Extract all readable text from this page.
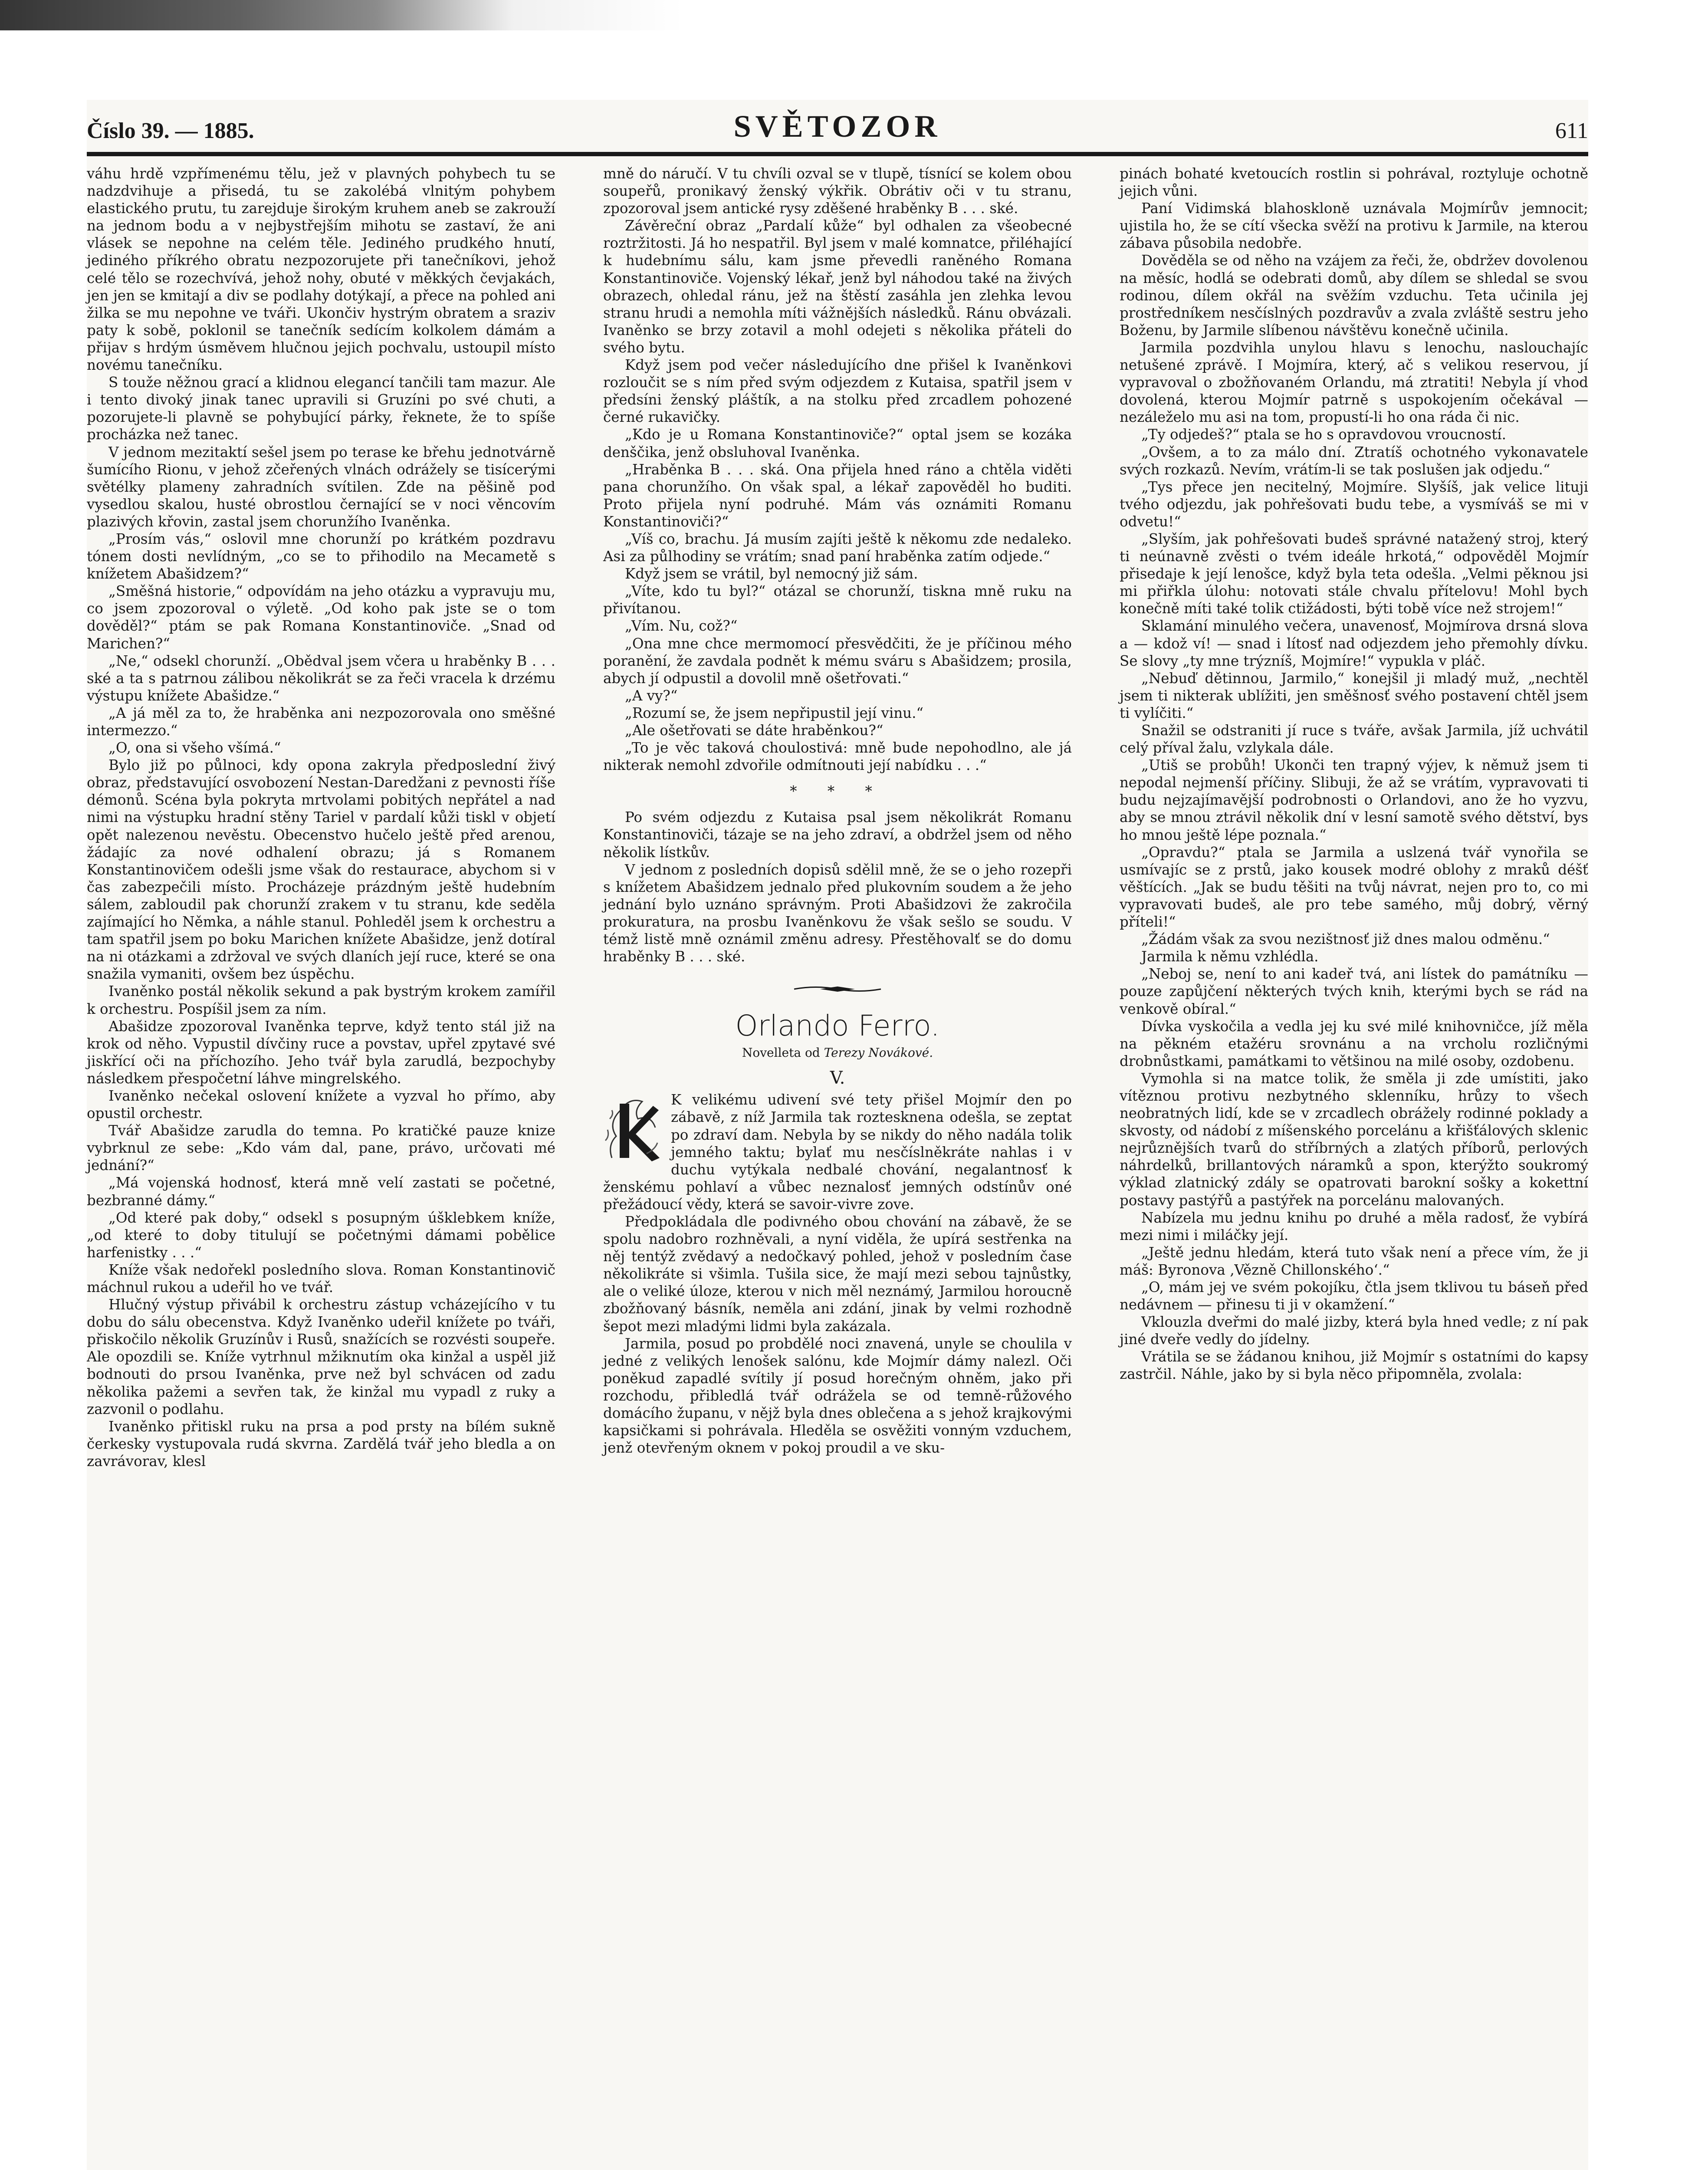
Číslo 39. — 1885.	SVĚTOZOR	611

váhu hrdě vzpřímenému tělu, jež v plavných pohybech tu se nadzdvihuje a přisedá, tu se zakolébá vlnitým pohybem elastického prutu, tu zarejduje širokým kruhem aneb se zakrouží na jednom bodu a v nejbystřejším mihotu se zastaví, že ani vlásek se nepohne na celém těle. Jediného prudkého hnutí, jediného příkrého obratu nezpozorujete při tanečníkovi, jehož celé tělo se rozechvívá, jehož nohy, obuté v měkkých čevjakách, jen jen se kmitají a div se podlahy dotýkají, a přece na pohled ani žilka se mu nepohne ve tváři. Ukončiv hystrým obratem a sraziv paty k sobě, poklonil se tanečník sedícím kolkolem dámám a přijav s hrdým úsměvem hlučnou jejich pochvalu, ustoupil místo novému tanečníku.

S touže něžnou grací a klidnou elegancí tančili tam mazur. Ale i tento divoký jinak tanec upravili si Gruzíni po své chuti, a pozorujete-li plavně se pohybující párky, řeknete, že to spíše procházka než tanec.

V jednom mezitaktí sešel jsem po terase ke břehu jednotvárně šumícího Rionu, v jehož zčeřených vlnách odrážely se tisícerými světélky plameny zahradních svítilen. Zde na pěšině pod vysedlou skalou, husté obrostlou černající se v noci věncovím plazivých křovin, zastal jsem chorunžího Ivaněnka.

„Prosím vás,“ oslovil mne chorunží po krátkém pozdravu tónem dosti nevlídným, „co se to přihodilo na Mecametě s knížetem Abašidzem?“

„Směšná historie,“ odpovídám na jeho otázku a vypravuju mu, co jsem zpozoroval o výletě. „Od koho pak jste se o tom dověděl?“ ptám se pak Romana Konstantinoviče. „Snad od Marichen?“

„Ne,“ odsekl chorunží. „Obědval jsem včera u hraběnky B . . . ské a ta s patrnou zálibou několikrát se za řeči vracela k drzému výstupu knížete Abašidze.“

„A já měl za to, že hraběnka ani nezpozorovala ono směšné intermezzo.“

„O, ona si všeho všímá.“

Bylo již po půlnoci, kdy opona zakryla předposlední živý obraz, představující osvobození Nestan-Daredžani z pevnosti říše démonů. Scéna byla pokryta mrtvolami pobitých nepřátel a nad nimi na výstupku hradní stěny Tariel v pardalí kůži tiskl v objetí opět nalezenou nevěstu. Obecenstvo hučelo ještě před arenou, žádajíc za nové odhalení obrazu; já s Romanem Konstantinovičem odešli jsme však do restaurace, abychom si v čas zabezpečili místo. Procházeje prázdným ještě hudebním sálem, zabloudil pak chorunží zrakem v tu stranu, kde seděla zajímající ho Němka, a náhle stanul. Pohleděl jsem k orchestru a tam spatřil jsem po boku Marichen knížete Abašidze, jenž dotíral na ni otázkami a zdržoval ve svých dlaních její ruce, které se ona snažila vymaniti, ovšem bez úspěchu.

Ivaněnko postál několik sekund a pak bystrým krokem zamířil k orchestru. Pospíšil jsem za ním.

Abašidze zpozoroval Ivaněnka teprve, když tento stál již na krok od něho. Vypustil dívčiny ruce a povstav, upřel zpytavé své jiskřící oči na příchozího. Jeho tvář byla zarudlá, bezpochyby následkem přespočetní láhve mingrelského.

Ivaněnko nečekal oslovení knížete a vyzval ho přímo, aby opustil orchestr.

Tvář Abašidze zarudla do temna. Po kratičké pauze knize vybrknul ze sebe: „Kdo vám dal, pane, právo, určovati mé jednání?“

„Má vojenská hodnosť, která mně velí zastati se početné, bezbranné dámy.“

„Od které pak doby,“ odsekl s posupným úšklebkem kníže, „od které to doby titulují se početnými dámami pobělice harfenistky . . .“

Kníže však nedořekl posledního slova. Roman Konstantinovič máchnul rukou a udeřil ho ve tvář.

Hlučný výstup přivábil k orchestru zástup vcházejícího v tu dobu do sálu obecenstva. Když Ivaněnko udeřil knížete po tváři, přiskočilo několik Gruzínův i Rusů, snažících se rozvésti soupeře. Ale opozdili se. Kníže vytrhnul mžiknutím oka kinžal a uspěl již bodnouti do prsou Ivaněnka, prve než byl schvácen od zadu několika pažemi a sevřen tak, že kinžal mu vypadl z ruky a zazvonil o podlahu.

Ivaněnko přitiskl ruku na prsa a pod prsty na bílém sukně čerkesky vystupovala rudá skvrna. Zardělá tvář jeho bledla a on zavrávorav, klesl

mně do náručí. V tu chvíli ozval se v tlupě, tísnící se kolem obou soupeřů, pronikavý ženský výkřik. Obrátiv oči v tu stranu, zpozoroval jsem antické rysy zděšené hraběnky B . . . ské.

Závěreční obraz „Pardalí kůže“ byl odhalen za všeobecné roztržitosti. Já ho nespatřil. Byl jsem v malé komnatce, přiléhající k hudebnímu sálu, kam jsme převedli raněného Romana Konstantinoviče. Vojenský lékař, jenž byl náhodou také na živých obrazech, ohledal ránu, jež na štěstí zasáhla jen zlehka levou stranu hrudi a nemohla míti vážnějších následků. Ránu obvázali. Ivaněnko se brzy zotavil a mohl odejeti s několika přáteli do svého bytu.

Když jsem pod večer následujícího dne přišel k Ivaněnkovi rozloučit se s ním před svým odjezdem z Kutaisa, spatřil jsem v předsíni ženský pláštík, a na stolku před zrcadlem pohozené černé rukavičky.

„Kdo je u Romana Konstantinoviče?“ optal jsem se kozáka denščika, jenž obsluhoval Ivaněnka.

„Hraběnka B . . . ská. Ona přijela hned ráno a chtěla viděti pana chorunžího. On však spal, a lékař zapověděl ho buditi. Proto přijela nyní podruhé. Mám vás oznámiti Romanu Konstantinoviči?“

„Víš co, brachu. Já musím zajíti ještě k někomu zde nedaleko. Asi za půlhodiny se vrátím; snad paní hraběnka zatím odjede.“

Když jsem se vrátil, byl nemocný již sám.

„Víte, kdo tu byl?“ otázal se chorunží, tiskna mně ruku na přivítanou.

„Vím. Nu, což?“

„Ona mne chce mermomocí přesvědčiti, že je příčinou mého poranění, že zavdala podnět k mému sváru s Abašidzem; prosila, abych jí odpustil a dovolil mně ošetřovati.“

„A vy?“

„Rozumí se, že jsem nepřipustil její vinu.“

„Ale ošetřovati se dáte hraběnkou?“

„To je věc taková choulostivá: mně bude nepohodlno, ale já nikterak nemohl zdvořile odmítnouti její nabídku . . .“

* * *

Po svém odjezdu z Kutaisa psal jsem několikrát Romanu Konstantinoviči, tázaje se na jeho zdraví, a obdržel jsem od něho několik lístkův.

V jednom z posledních dopisů sdělil mně, že se o jeho rozepři s knížetem Abašidzem jednalo před plukovním soudem a že jeho jednání bylo uznáno správným. Proti Abašidzovi že zakročila prokuratura, na prosbu Ivaněnkovu že však sešlo se soudu. V témž listě mně oznámil změnu adresy. Přestěhovalť se do domu hraběnky B . . . ské.

Orlando Ferro.
Novelleta od Terezy Novákové.
V.

K velikému udivení své tety přišel Mojmír den po zábavě, z níž Jarmila tak roztesknena odešla, se zeptat po zdraví dam. Nebyla by se nikdy do něho nadála tolik jemného taktu; bylať mu nesčíslněkráte nahlas i v duchu vytýkala nedbalé chování, negalantnosť k ženskému pohlaví a vůbec neznalosť jemných odstínův oné přežádoucí vědy, která se savoir-vivre zove.

Předpokládala dle podivného obou chování na zábavě, že se spolu nadobro rozhněvali, a nyní viděla, že upírá sestřenka na něj tentýž zvědavý a nedočkavý pohled, jehož v posledním čase několikráte si všimla. Tušila sice, že mají mezi sebou tajnůstky, ale o veliké úloze, kterou v nich měl neznámý, Jarmilou horoucně zbožňovaný básník, neměla ani zdání, jinak by velmi rozhodně šepot mezi mladými lidmi byla zakázala.

Jarmila, posud po probdělé noci znavená, unyle se choulila v jedné z velikých lenošek salónu, kde Mojmír dámy nalezl. Oči poněkud zapadlé svítily jí posud horečným ohněm, jako při rozchodu, přibledlá tvář odrážela se od temně-růžového domácího županu, v nějž byla dnes oblečena a s jehož krajkovými kapsičkami si pohrávala. Hleděla se osvěžiti vonným vzduchem, jenž otevřeným oknem v pokoj proudil a ve sku-

pinách bohaté kvetoucích rostlin si pohrával, roztyluje ochotně jejich vůni.

Paní Vidimská blahoskloně uznávala Mojmírův jemnocit; ujistila ho, že se cítí všecka svěží na protivu k Jarmile, na kterou zábava působila nedobře.

Dověděla se od něho na vzájem za řeči, že, obdržev dovolenou na měsíc, hodlá se odebrati domů, aby dílem se shledal se svou rodinou, dílem okřál na svěžím vzduchu. Teta učinila jej prostředníkem nesčíslných pozdravův a zvala zvláště sestru jeho Boženu, by Jarmile slíbenou návštěvu konečně učinila.

Jarmila pozdvihla unylou hlavu s lenochu, naslouchajíc netušené zprávě. I Mojmíra, který, ač s velikou reservou, jí vypravoval o zbožňovaném Orlandu, má ztratiti! Nebyla jí vhod dovolená, kterou Mojmír patrně s uspokojením očekával — nezáleželo mu asi na tom, propustí-li ho ona ráda či nic.

„Ty odjedeš?“ ptala se ho s opravdovou vroucností.

„Ovšem, a to za málo dní. Ztratíš ochotného vykonavatele svých rozkazů. Nevím, vrátím-li se tak poslušen jak odjedu.“

„Tys přece jen necitelný, Mojmíre. Slyšíš, jak velice lituji tvého odjezdu, jak pohřešovati budu tebe, a vysmíváš se mi v odvetu!“

„Slyším, jak pohřešovati budeš správné natažený stroj, který ti neúnavně zvěsti o tvém ideále hrkotá,“ odpověděl Mojmír přisedaje k její lenošce, když byla teta odešla. „Velmi pěknou jsi mi přiřkla úlohu: notovati stále chvalu přítelovu! Mohl bych konečně míti také tolik ctižádosti, býti tobě více než strojem!“

Sklamání minulého večera, unavenosť, Mojmírova drsná slova a — kdož ví! — snad i lítosť nad odjezdem jeho přemohly dívku. Se slovy „ty mne trýzníš, Mojmíre!“ vypukla v pláč.

„Nebuď dětinnou, Jarmilo,“ konejšil ji mladý muž, „nechtěl jsem ti nikterak ublížiti, jen směšnosť svého postavení chtěl jsem ti vylíčiti.“

Snažil se odstraniti jí ruce s tváře, avšak Jarmila, jíž uchvátil celý příval žalu, vzlykala dále.

„Utiš se probůh! Ukonči ten trapný výjev, k němuž jsem ti nepodal nejmenší příčiny. Slibuji, že až se vrátím, vypravovati ti budu nejzajímavější podrobnosti o Orlandovi, ano že ho vyzvu, aby se mnou ztrávil několik dní v lesní samotě svého dětství, bys ho mnou ještě lépe poznala.“

„Opravdu?“ ptala se Jarmila a uslzená tvář vynořila se usmívajíc se z prstů, jako kousek modré oblohy z mraků déšť věštících. „Jak se budu těšiti na tvůj návrat, nejen pro to, co mi vypravovati budeš, ale pro tebe samého, můj dobrý, věrný příteli!“

„Žádám však za svou nezištnosť již dnes malou odměnu.“

Jarmila k němu vzhlédla.

„Neboj se, není to ani kadeř tvá, ani lístek do památníku — pouze zapůjčení některých tvých knih, kterými bych se rád na venkově obíral.“

Dívka vyskočila a vedla jej ku své milé knihovničce, jíž měla na pěkném etažéru srovnánu a na vrcholu rozličnými drobnůstkami, památkami to většinou na milé osoby, ozdobenu.

Vymohla si na matce tolik, že směla ji zde umístiti, jako vítěznou protivu nezbytného sklenníku, hrůzy to všech neobratných lidí, kde se v zrcadlech obrážely rodinné poklady a skvosty, od nádobí z míšenského porcelánu a křišťálových sklenic nejrůznějších tvarů do stříbrných a zlatých příborů, perlových náhrdelků, brillantových náramků a spon, kterýžto soukromý výklad zlatnický zdály se opatrovati barokní sošky a kokettní postavy pastýřů a pastýřek na porcelánu malovaných.

Nabízela mu jednu knihu po druhé a měla radosť, že vybírá mezi nimi i miláčky její.

„Ještě jednu hledám, která tuto však není a přece vím, že ji máš: Byronova ‚Vězně Chillonského‘.“

„O, mám jej ve svém pokojíku, čtla jsem tklivou tu báseň před nedávnem — přinesu ti ji v okamžení.“

Vklouzla dveřmi do malé jizby, která byla hned vedle; z ní pak jiné dveře vedly do jídelny.

Vrátila se se žádanou knihou, již Mojmír s ostatními do kapsy zastrčil. Náhle, jako by si byla něco připomněla, zvolala:
